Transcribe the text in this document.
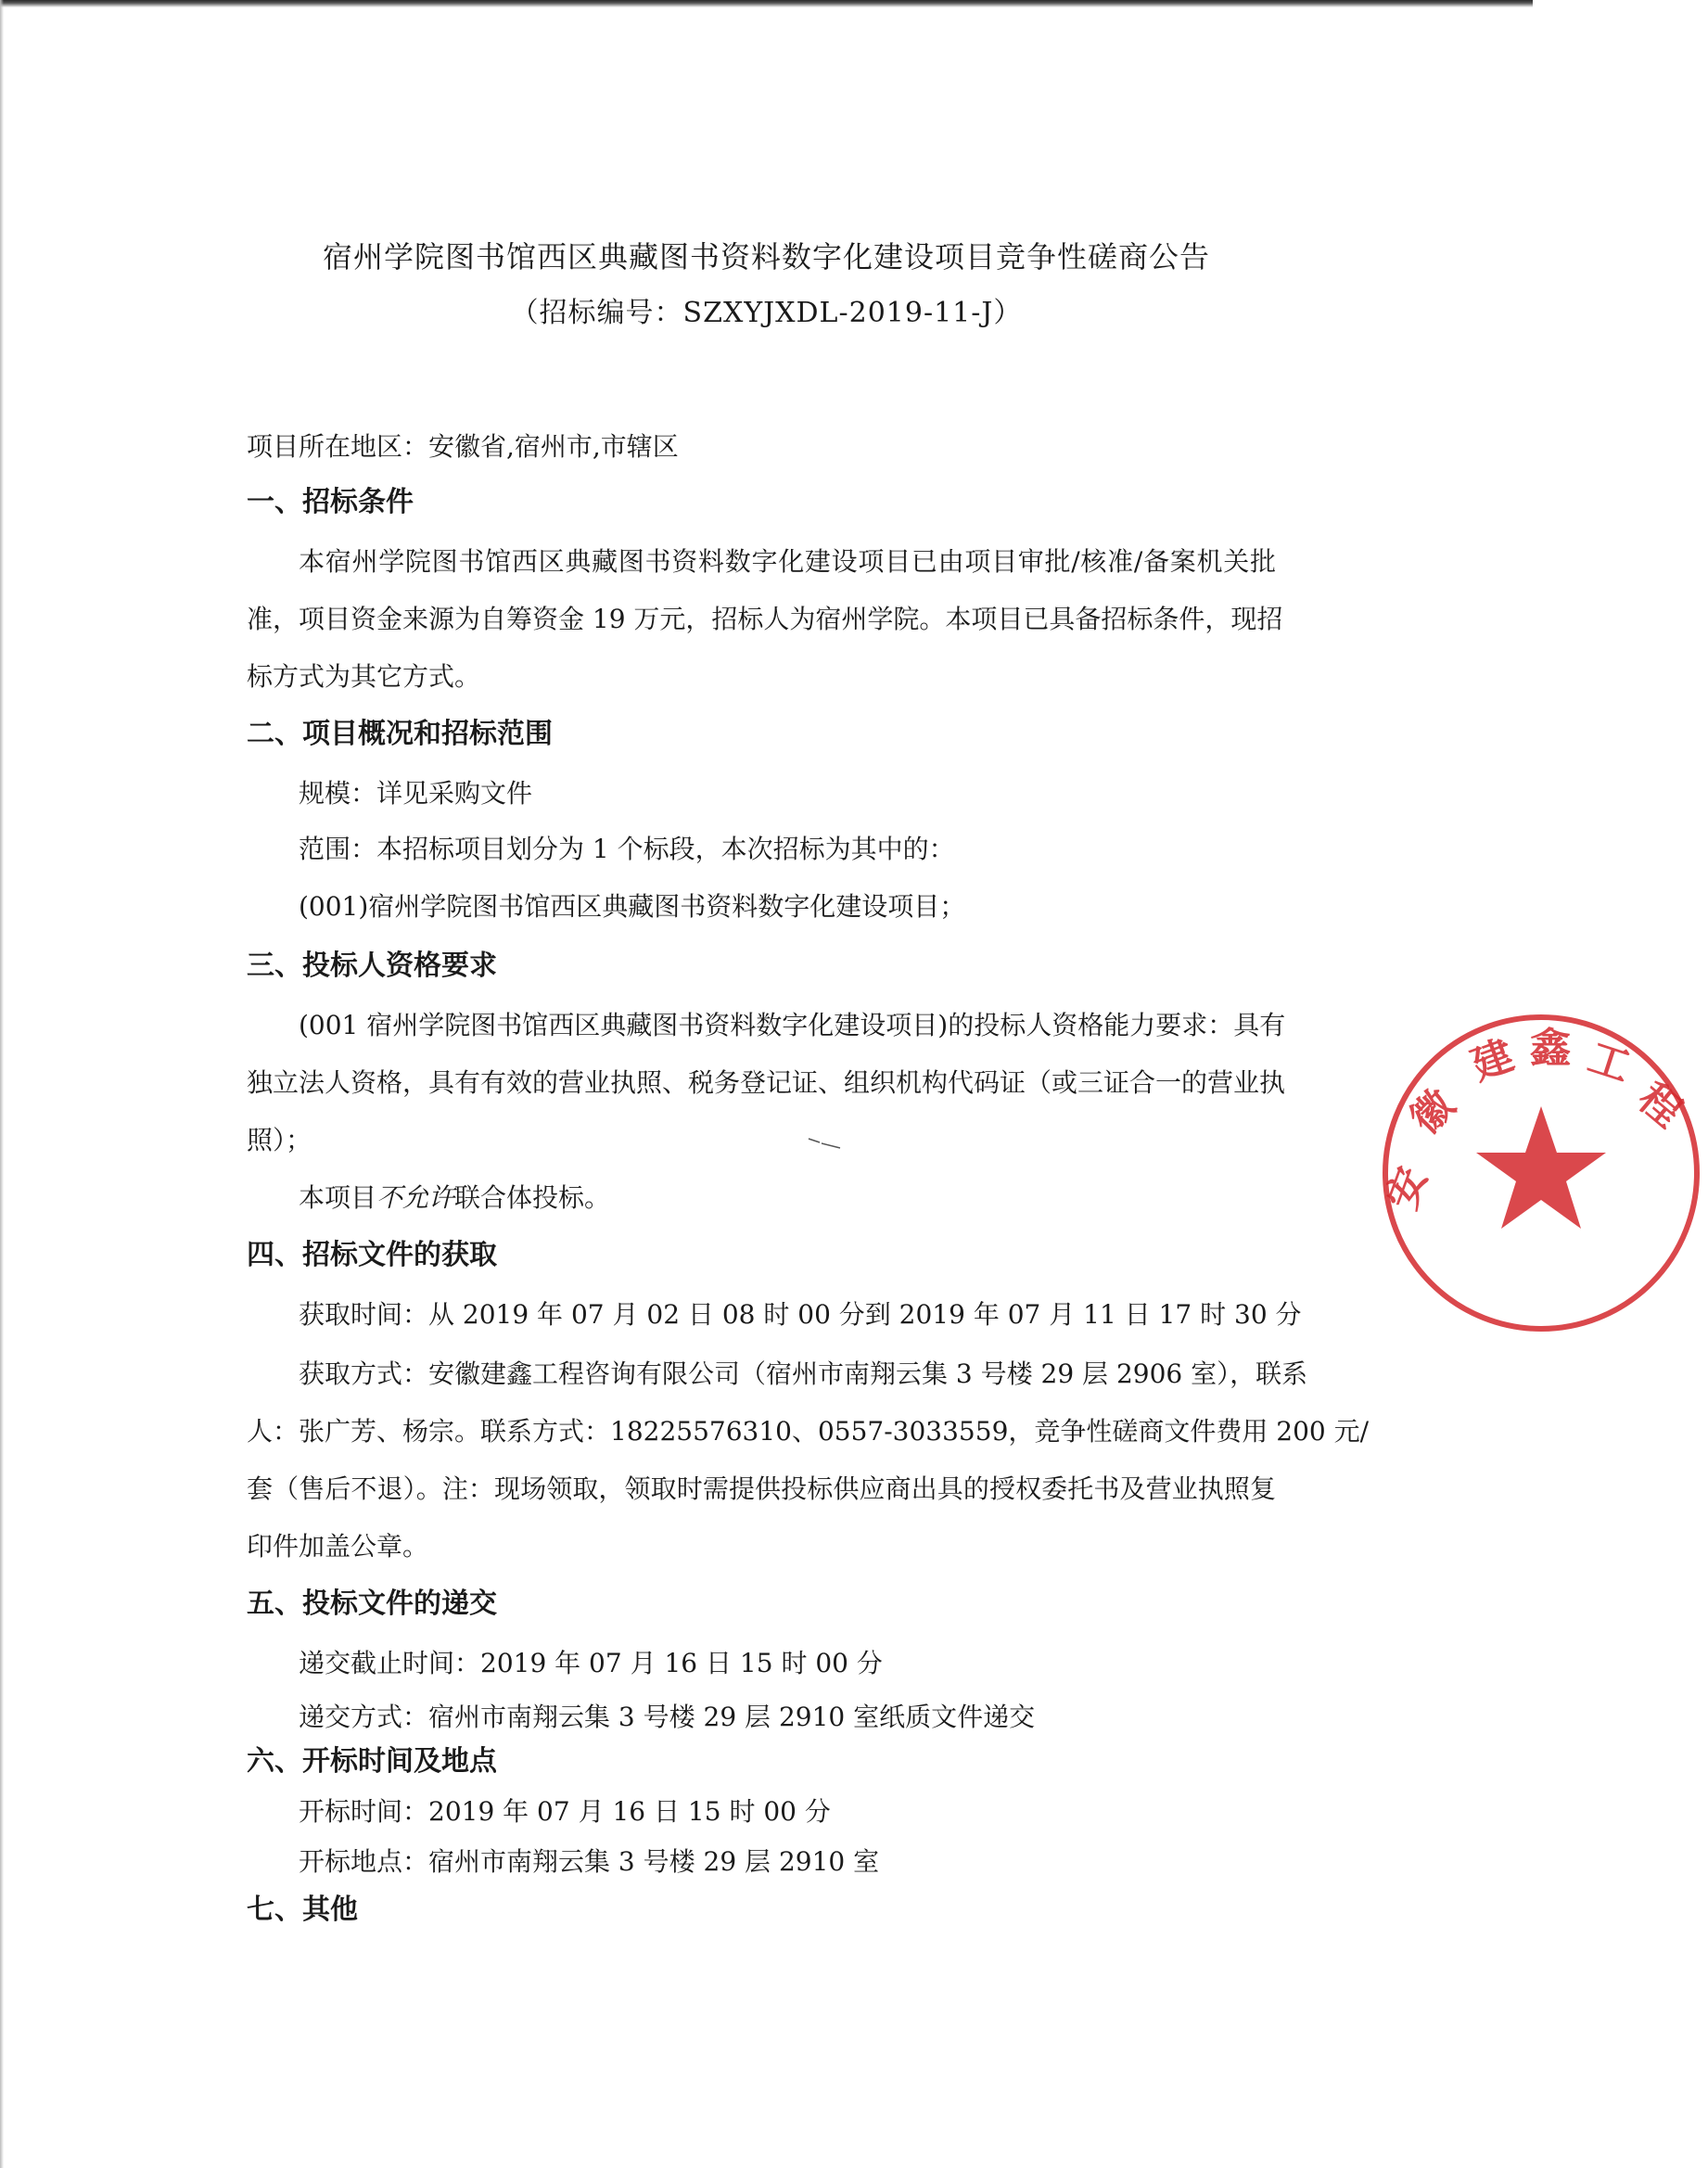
宿州学院图书馆西区典藏图书资料数字化建设项目竞争性磋商公告
（招标编号：SZXYJXDL-2019-11-J）

项目所在地区：安徽省,宿州市,市辖区

一、招标条件

本宿州学院图书馆西区典藏图书资料数字化建设项目已由项目审批/核准/备案机关批

准，项目资金来源为自筹资金 19 万元，招标人为宿州学院。本项目已具备招标条件，现招

标方式为其它方式。

二、项目概况和招标范围

规模：详见采购文件

范围：本招标项目划分为 1 个标段，本次招标为其中的：

(001)宿州学院图书馆西区典藏图书资料数字化建设项目；

三、投标人资格要求

(001 宿州学院图书馆西区典藏图书资料数字化建设项目)的投标人资格能力要求：具有

独立法人资格，具有有效的营业执照、税务登记证、组织机构代码证（或三证合一的营业执

照）；

本项目不允许联合体投标。

四、招标文件的获取

获取时间：从 2019 年 07 月 02 日 08 时 00 分到 2019 年 07 月 11 日 17 时 30 分

获取方式：安徽建鑫工程咨询有限公司（宿州市南翔云集 3 号楼 29 层 2906 室），联系

人：张广芳、杨宗。联系方式：18225576310、0557-3033559，竞争性磋商文件费用 200 元/

套（售后不退）。注：现场领取，领取时需提供投标供应商出具的授权委托书及营业执照复

印件加盖公章。

五、投标文件的递交

递交截止时间：2019 年 07 月 16 日 15 时 00 分

递交方式：宿州市南翔云集 3 号楼 29 层 2910 室纸质文件递交

六、开标时间及地点

开标时间：2019 年 07 月 16 日 15 时 00 分

开标地点：宿州市南翔云集 3 号楼 29 层 2910 室

七、其他

安
徽
建 鑫 工
程
